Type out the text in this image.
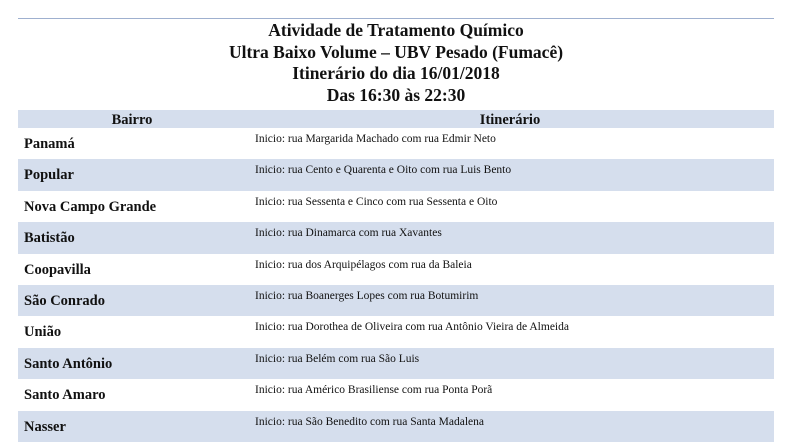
Atividade de Tratamento Químico
Ultra Baixo Volume – UBV Pesado (Fumacê)
Itinerário do dia 16/01/2018
Das 16:30 às 22:30
Bairro	Itinerário
Panamá	Inicio: rua Margarida Machado com rua Edmir Neto
Popular	Inicio: rua Cento e Quarenta e Oito com rua Luis Bento
Nova Campo Grande	Inicio: rua Sessenta e Cinco com rua Sessenta e Oito
Batistão	Inicio: rua Dinamarca com rua Xavantes
Coopavilla	Inicio: rua dos Arquipélagos com rua da Baleia
São Conrado	Inicio: rua Boanerges Lopes com rua Botumirim
União	Inicio: rua Dorothea de Oliveira com rua Antônio Vieira de Almeida
Santo Antônio	Inicio: rua Belém com rua São Luis
Santo Amaro	Inicio: rua Américo Brasiliense com rua Ponta Porã
Nasser	Inicio: rua São Benedito com rua Santa Madalena
